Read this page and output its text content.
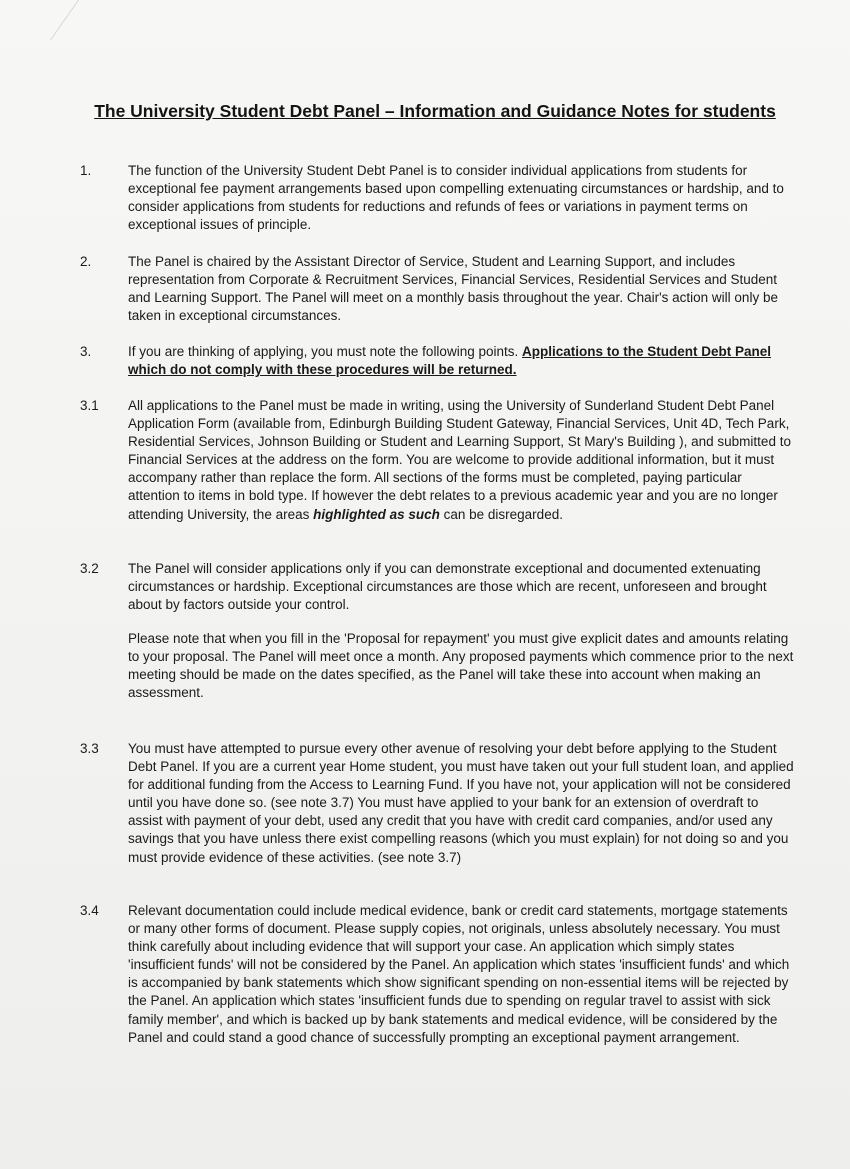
The University Student Debt Panel – Information and Guidance Notes for students
1.	The function of the University Student Debt Panel is to consider individual applications from students for exceptional fee payment arrangements based upon compelling extenuating circumstances or hardship, and to consider applications from students for reductions and refunds of fees or variations in payment terms on exceptional issues of principle.
2.	The Panel is chaired by the Assistant Director of Service, Student and Learning Support, and includes representation from Corporate & Recruitment Services, Financial Services, Residential Services and Student and Learning Support. The Panel will meet on a monthly basis throughout the year. Chair's action will only be taken in exceptional circumstances.
3.	If you are thinking of applying, you must note the following points. Applications to the Student Debt Panel which do not comply with these procedures will be returned.
3.1 All applications to the Panel must be made in writing, using the University of Sunderland Student Debt Panel Application Form (available from, Edinburgh Building Student Gateway, Financial Services, Unit 4D, Tech Park, Residential Services, Johnson Building or Student and Learning Support, St Mary's Building ), and submitted to Financial Services at the address on the form. You are welcome to provide additional information, but it must accompany rather than replace the form. All sections of the forms must be completed, paying particular attention to items in bold type. If however the debt relates to a previous academic year and you are no longer attending University, the areas highlighted as such can be disregarded.
3.2 The Panel will consider applications only if you can demonstrate exceptional and documented extenuating circumstances or hardship. Exceptional circumstances are those which are recent, unforeseen and brought about by factors outside your control.
Please note that when you fill in the 'Proposal for repayment' you must give explicit dates and amounts relating to your proposal. The Panel will meet once a month. Any proposed payments which commence prior to the next meeting should be made on the dates specified, as the Panel will take these into account when making an assessment.
3.3 You must have attempted to pursue every other avenue of resolving your debt before applying to the Student Debt Panel. If you are a current year Home student, you must have taken out your full student loan, and applied for additional funding from the Access to Learning Fund. If you have not, your application will not be considered until you have done so. (see note 3.7) You must have applied to your bank for an extension of overdraft to assist with payment of your debt, used any credit that you have with credit card companies, and/or used any savings that you have unless there exist compelling reasons (which you must explain) for not doing so and you must provide evidence of these activities. (see note 3.7)
3.4 Relevant documentation could include medical evidence, bank or credit card statements, mortgage statements or many other forms of document. Please supply copies, not originals, unless absolutely necessary. You must think carefully about including evidence that will support your case. An application which simply states 'insufficient funds' will not be considered by the Panel. An application which states 'insufficient funds' and which is accompanied by bank statements which show significant spending on non-essential items will be rejected by the Panel. An application which states 'insufficient funds due to spending on regular travel to assist with sick family member', and which is backed up by bank statements and medical evidence, will be considered by the Panel and could stand a good chance of successfully prompting an exceptional payment arrangement.
